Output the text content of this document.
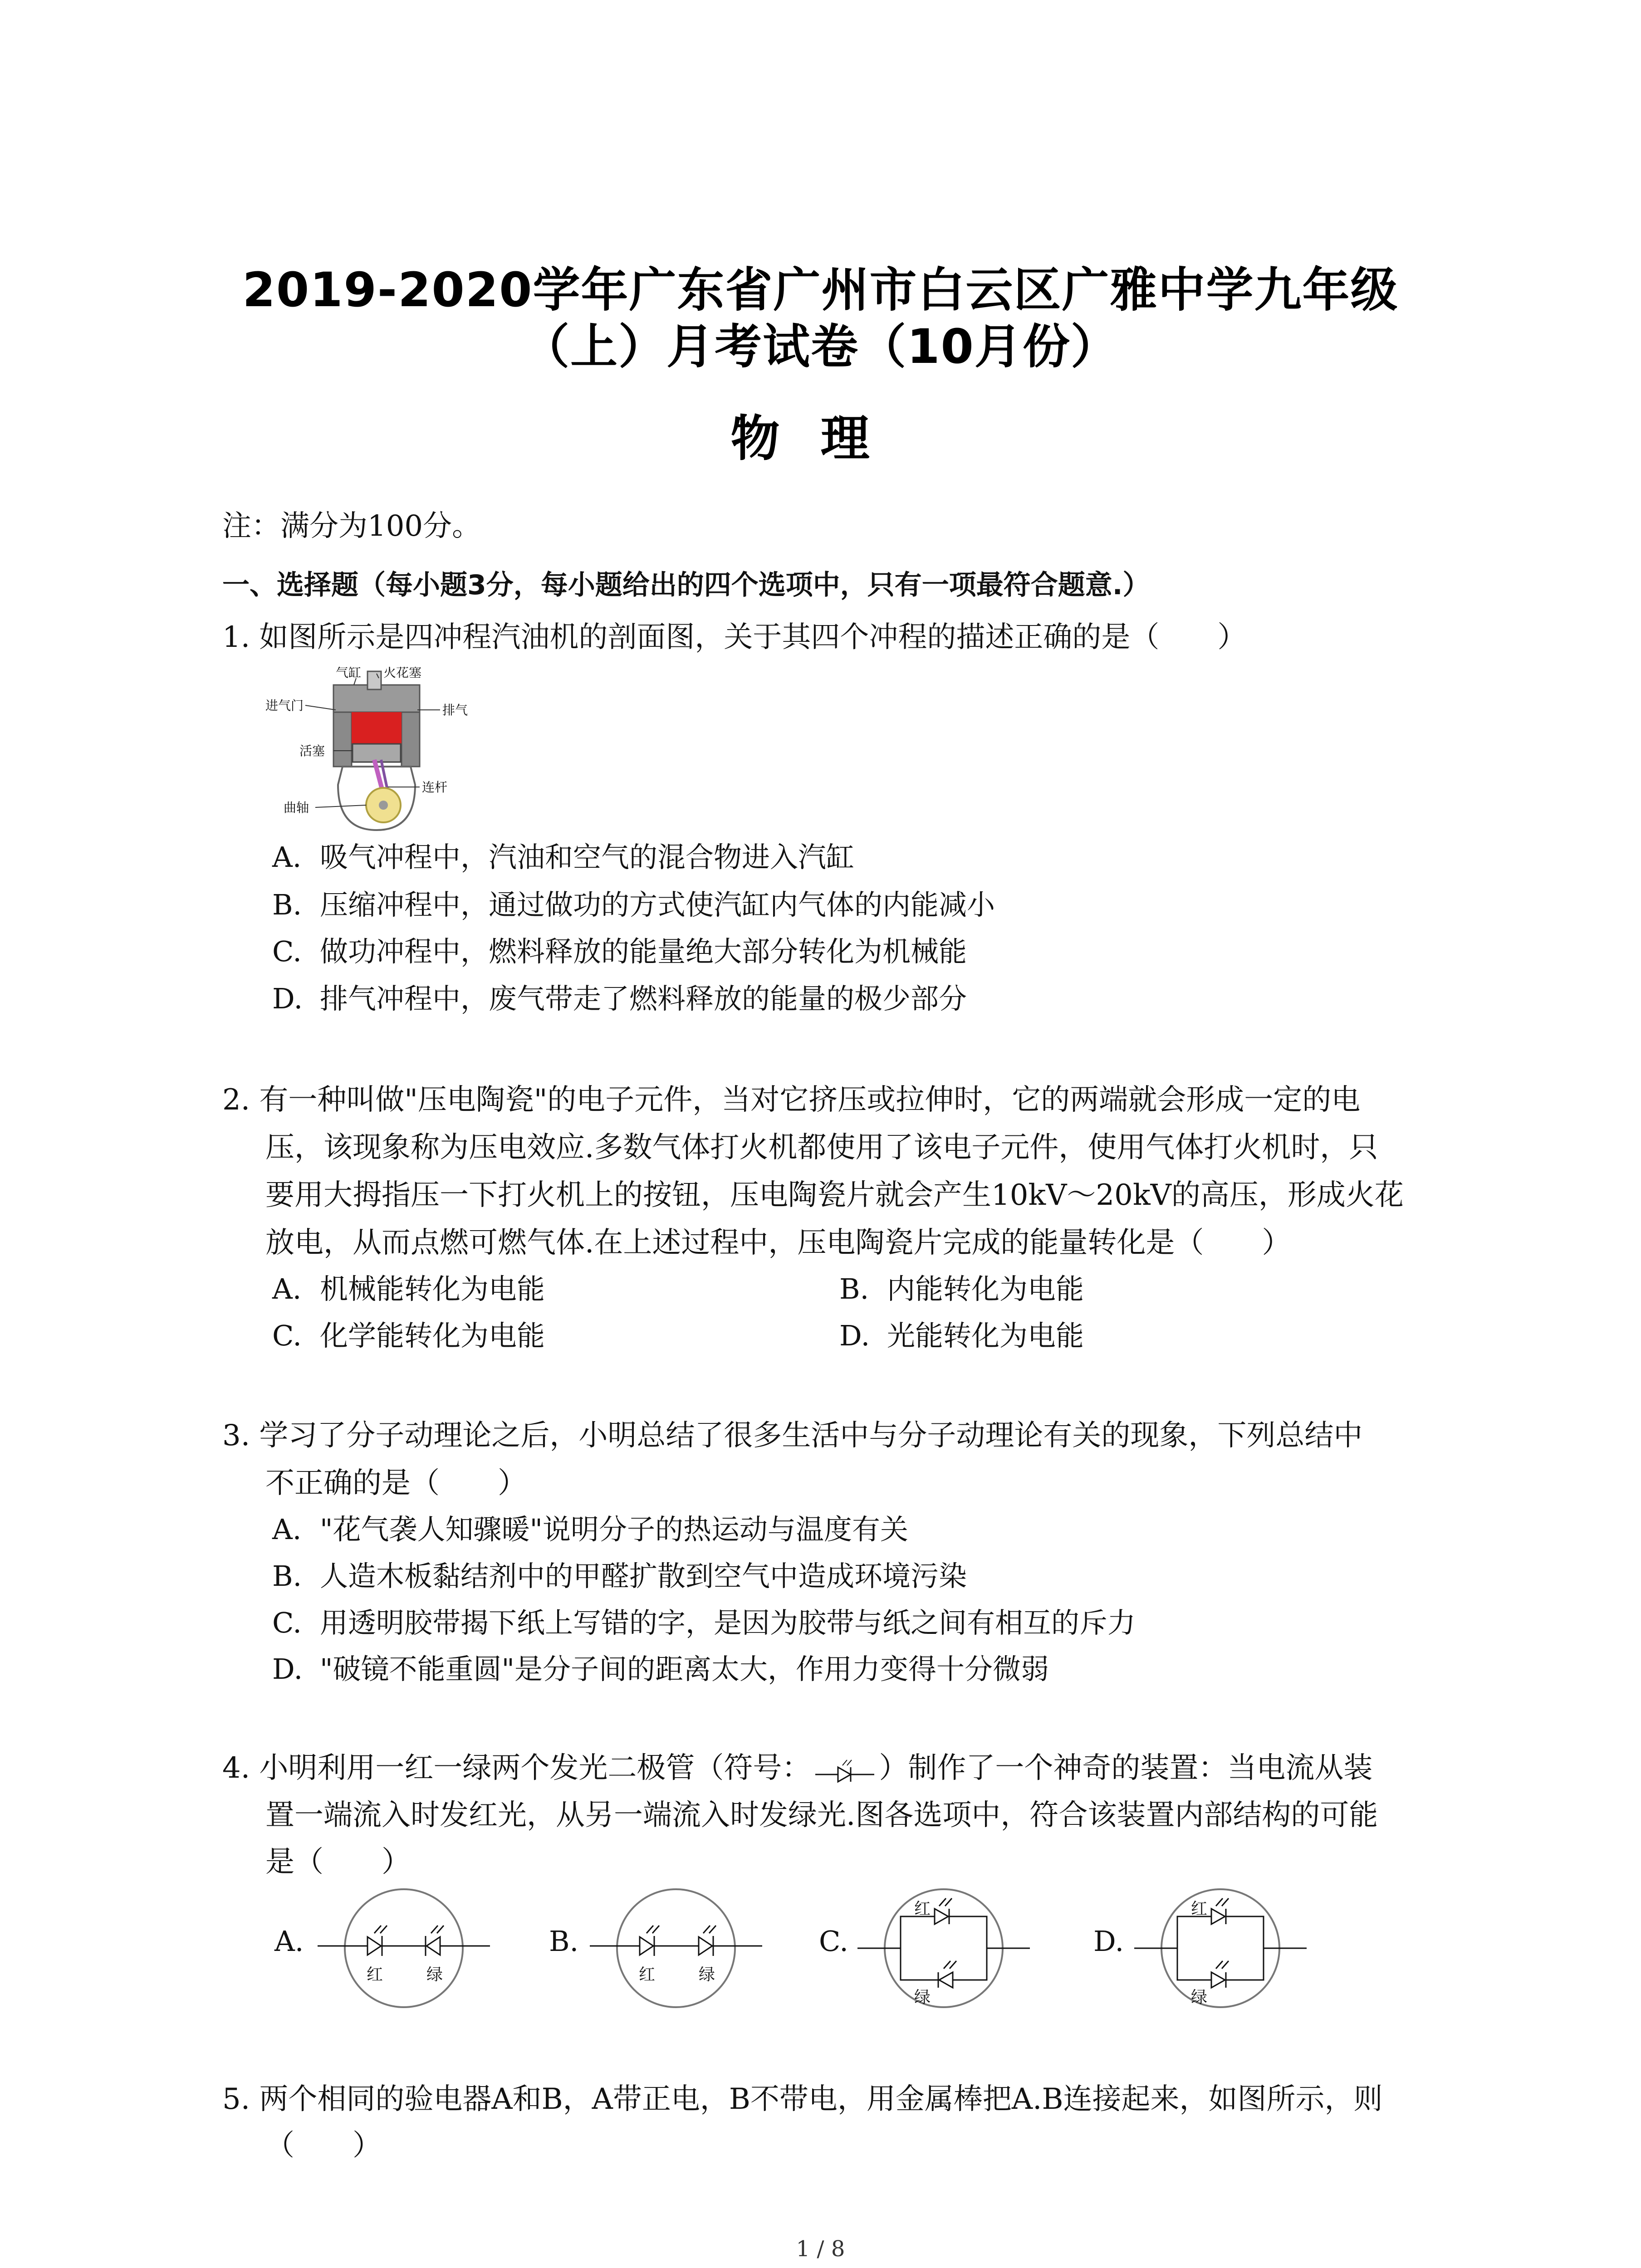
2019-2020学年广东省广州市白云区广雅中学九年级
（上）月考试卷（10月份）
物理
注：满分为100分。
一、选择题（每小题3分，每小题给出的四个选项中，只有一项最符合题意.）
1. 如图所示是四冲程汽油机的剖面图，关于其四个冲程的描述正确的是（　　）
气缸 火花塞
进气门	排气
活塞
连杆
曲轴
A. 吸气冲程中，汽油和空气的混合物进入汽缸
B. 压缩冲程中，通过做功的方式使汽缸内气体的内能减小
C. 做功冲程中，燃料释放的能量绝大部分转化为机械能
D. 排气冲程中，废气带走了燃料释放的能量的极少部分
2. 有一种叫做"压电陶瓷"的电子元件，当对它挤压或拉伸时，它的两端就会形成一定的电
压，该现象称为压电效应.多数气体打火机都使用了该电子元件，使用气体打火机时，只
要用大拇指压一下打火机上的按钮，压电陶瓷片就会产生10kV～20kV的高压，形成火花
放电，从而点燃可燃气体.在上述过程中，压电陶瓷片完成的能量转化是（　　）
A. 机械能转化为电能	B. 内能转化为电能
C. 化学能转化为电能	D. 光能转化为电能
3. 学习了分子动理论之后，小明总结了很多生活中与分子动理论有关的现象，下列总结中
不正确的是（　　）
A. "花气袭人知骤暖"说明分子的热运动与温度有关
B. 人造木板黏结剂中的甲醛扩散到空气中造成环境污染
C. 用透明胶带揭下纸上写错的字，是因为胶带与纸之间有相互的斥力
D. "破镜不能重圆"是分子间的距离太大，作用力变得十分微弱
4. 小明利用一红一绿两个发光二极管（符号： ）制作了一个神奇的装置：当电流从装
置一端流入时发红光，从另一端流入时发绿光.图各选项中，符合该装置内部结构的可能
是（　　）
A.
红	绿
B.
红	绿
C.
红
绿
D.
红
绿
5. 两个相同的验电器A和B，A带正电，B不带电，用金属棒把A.B连接起来，如图所示，则
（　　）
1 / 8
